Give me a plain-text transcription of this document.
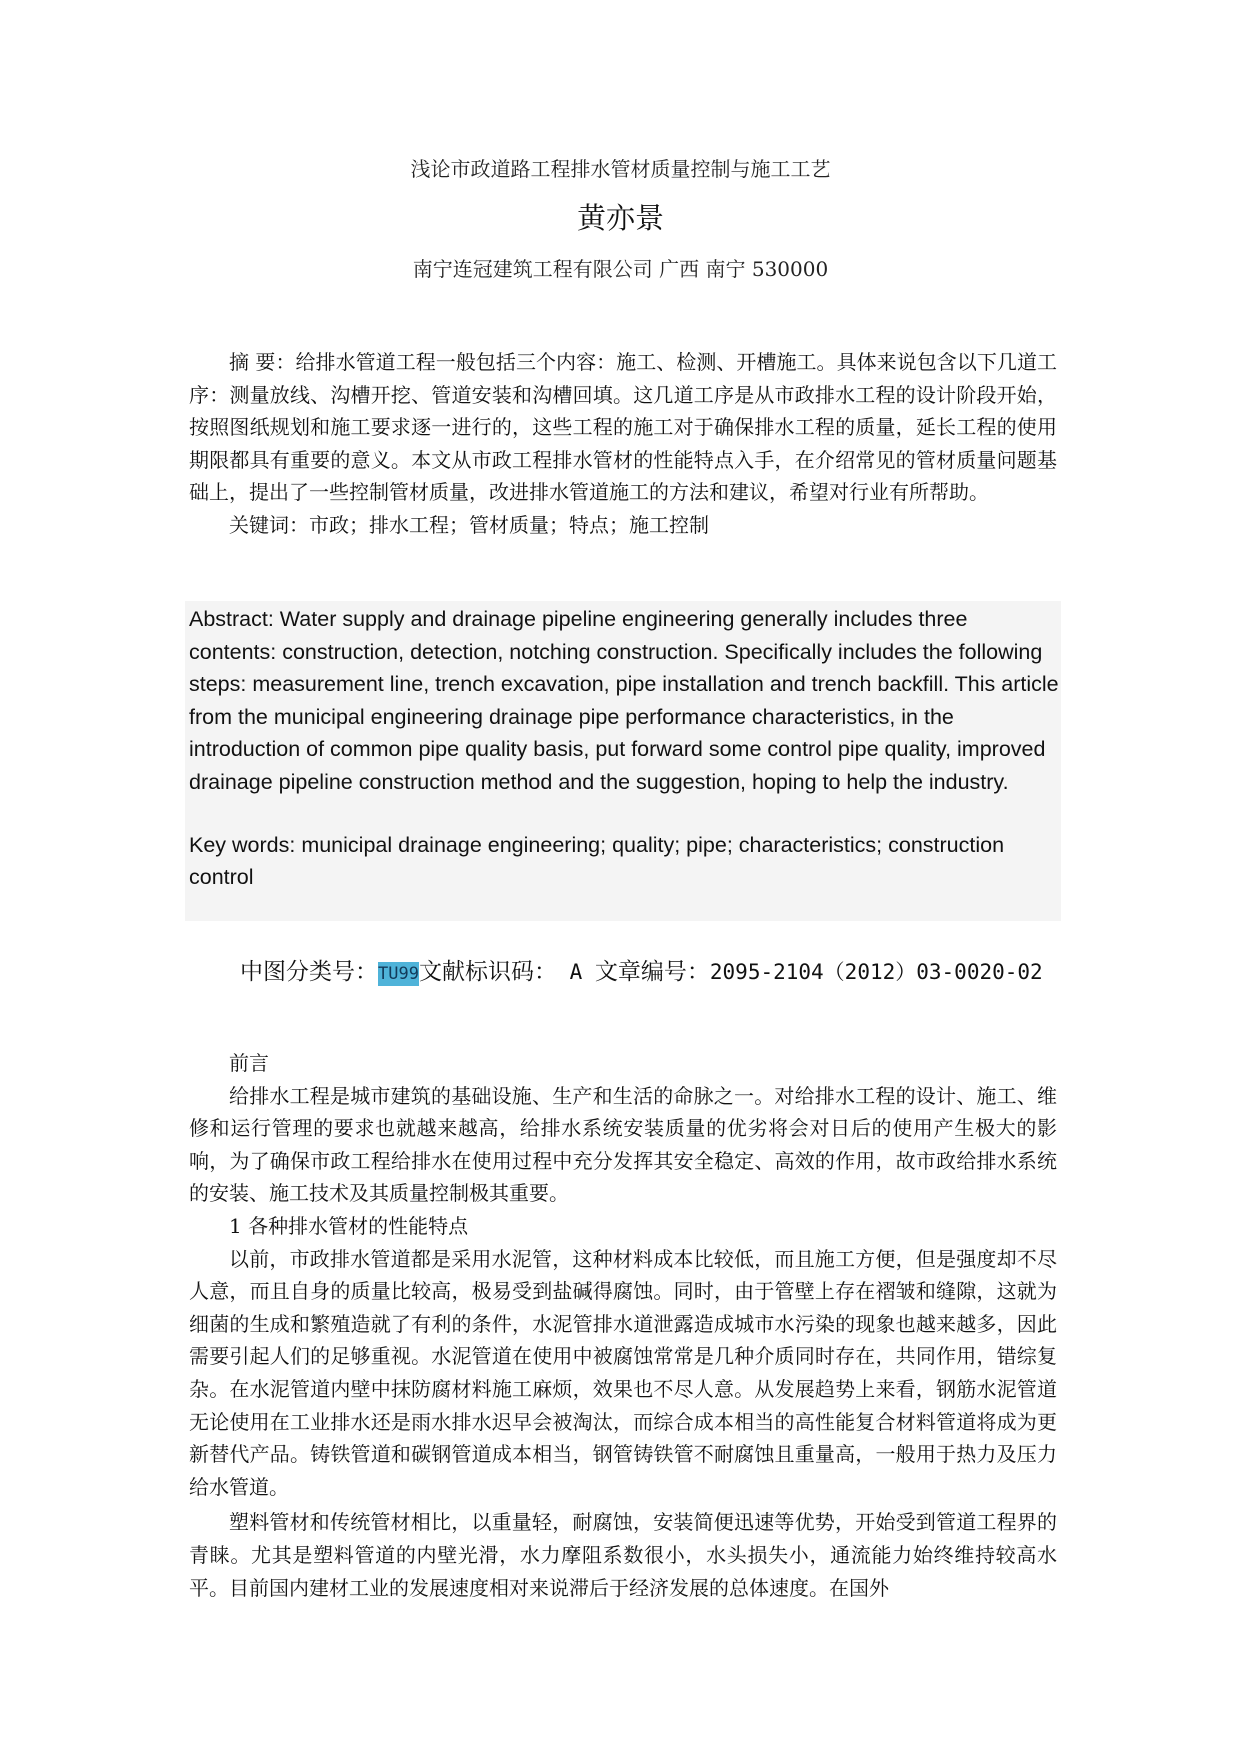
浅论市政道路工程排水管材质量控制与施工工艺
黄亦景
南宁连冠建筑工程有限公司 广西 南宁 530000

摘 要：给排水管道工程一般包括三个内容：施工、检测、开槽施工。具体来说包含以下几道工序：测量放线、沟槽开挖、管道安装和沟槽回填。这几道工序是从市政排水工程的设计阶段开始，按照图纸规划和施工要求逐一进行的，这些工程的施工对于确保排水工程的质量，延长工程的使用期限都具有重要的意义。本文从市政工程排水管材的性能特点入手，在介绍常见的管材质量问题基础上，提出了一些控制管材质量，改进排水管道施工的方法和建议，希望对行业有所帮助。

关键词：市政；排水工程；管材质量；特点；施工控制

Abstract: Water supply and drainage pipeline engineering generally includes three contents: construction, detection, notching construction. Specifically includes the following steps: measurement line, trench excavation, pipe installation and trench backfill. This article from the municipal engineering drainage pipe performance characteristics, in the introduction of common pipe quality basis, put forward some control pipe quality, improved drainage pipeline construction method and the suggestion, hoping to help the industry.

Key words: municipal drainage engineering; quality; pipe; characteristics; construction control

中图分类号：TU99文献标识码： A 文章编号：2095-2104（2012）03-0020-02

前言

给排水工程是城市建筑的基础设施、生产和生活的命脉之一。对给排水工程的设计、施工、维修和运行管理的要求也就越来越高，给排水系统安装质量的优劣将会对日后的使用产生极大的影响，为了确保市政工程给排水在使用过程中充分发挥其安全稳定、高效的作用，故市政给排水系统的安装、施工技术及其质量控制极其重要。

1 各种排水管材的性能特点

以前，市政排水管道都是采用水泥管，这种材料成本比较低，而且施工方便，但是强度却不尽人意，而且自身的质量比较高，极易受到盐碱得腐蚀。同时，由于管壁上存在褶皱和缝隙，这就为细菌的生成和繁殖造就了有利的条件，水泥管排水道泄露造成城市水污染的现象也越来越多，因此需要引起人们的足够重视。水泥管道在使用中被腐蚀常常是几种介质同时存在，共同作用，错综复杂。在水泥管道内壁中抹防腐材料施工麻烦，效果也不尽人意。从发展趋势上来看，钢筋水泥管道无论使用在工业排水还是雨水排水迟早会被淘汰，而综合成本相当的高性能复合材料管道将成为更新替代产品。铸铁管道和碳钢管道成本相当，钢管铸铁管不耐腐蚀且重量高，一般用于热力及压力给水管道。

塑料管材和传统管材相比，以重量轻，耐腐蚀，安装简便迅速等优势，开始受到管道工程界的青睐。尤其是塑料管道的内壁光滑，水力摩阻系数很小，水头损失小，通流能力始终维持较高水平。目前国内建材工业的发展速度相对来说滞后于经济发展的总体速度。在国外
